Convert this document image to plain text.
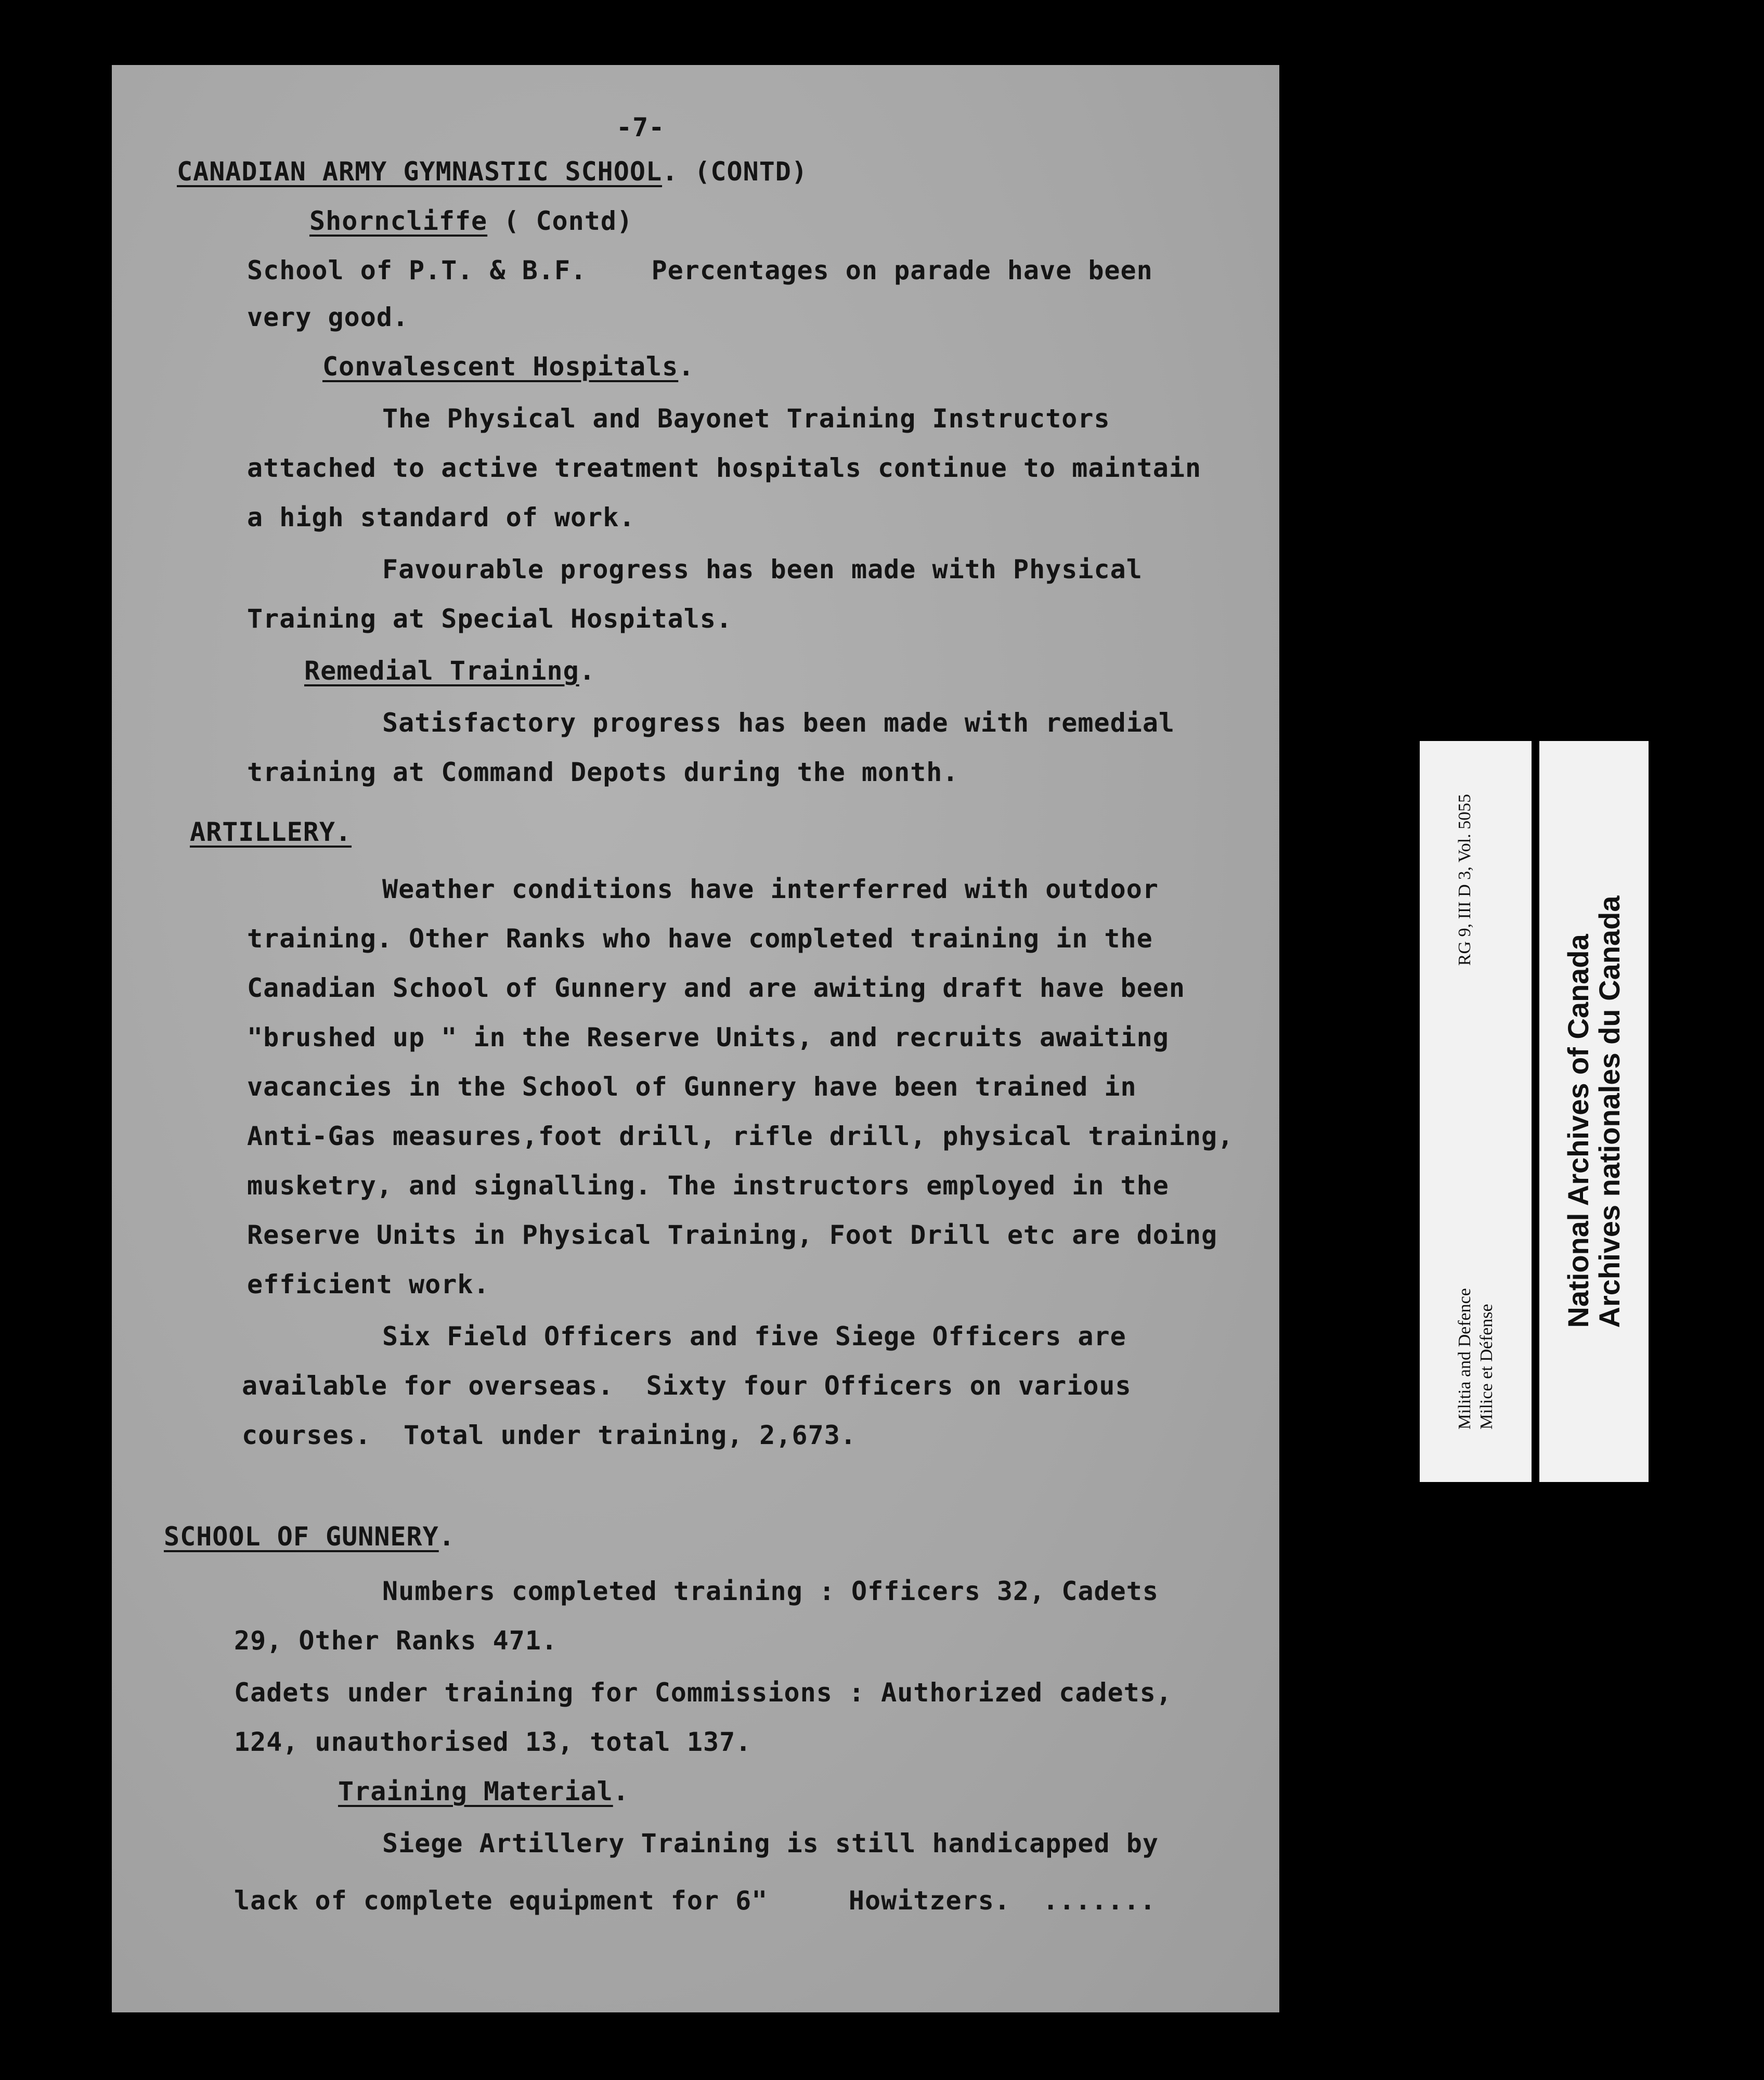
-7-
CANADIAN ARMY GYMNASTIC SCHOOL. (CONTD)
Shorncliffe ( Contd)
School of P.T. & B.F.    Percentages on parade have been
very good.
Convalescent Hospitals.
The Physical and Bayonet Training Instructors
attached to active treatment hospitals continue to maintain
a high standard of work.
Favourable progress has been made with Physical
Training at Special Hospitals.
Remedial Training.
Satisfactory progress has been made with remedial
training at Command Depots during the month.
ARTILLERY.
Weather conditions have interferred with outdoor
training. Other Ranks who have completed training in the
Canadian School of Gunnery and are awiting draft have been
"brushed up " in the Reserve Units, and recruits awaiting
vacancies in the School of Gunnery have been trained in
Anti-Gas measures,foot drill, rifle drill, physical training,
musketry, and signalling. The instructors employed in the
Reserve Units in Physical Training, Foot Drill etc are doing
efficient work.
Six Field Officers and five Siege Officers are
available for overseas.  Sixty four Officers on various
courses.  Total under training, 2,673.
SCHOOL OF GUNNERY.
Numbers completed training : Officers 32, Cadets
29, Other Ranks 471.
Cadets under training for Commissions : Authorized cadets,
124, unauthorised 13, total 137.
Training Material.
Siege Artillery Training is still handicapped by
lack of complete equipment for 6"     Howitzers.  .......
Militia and Defence
RG 9, III D 3, Vol. 5055
Milice et Défense
National Archives of Canada
Archives nationales du Canada
